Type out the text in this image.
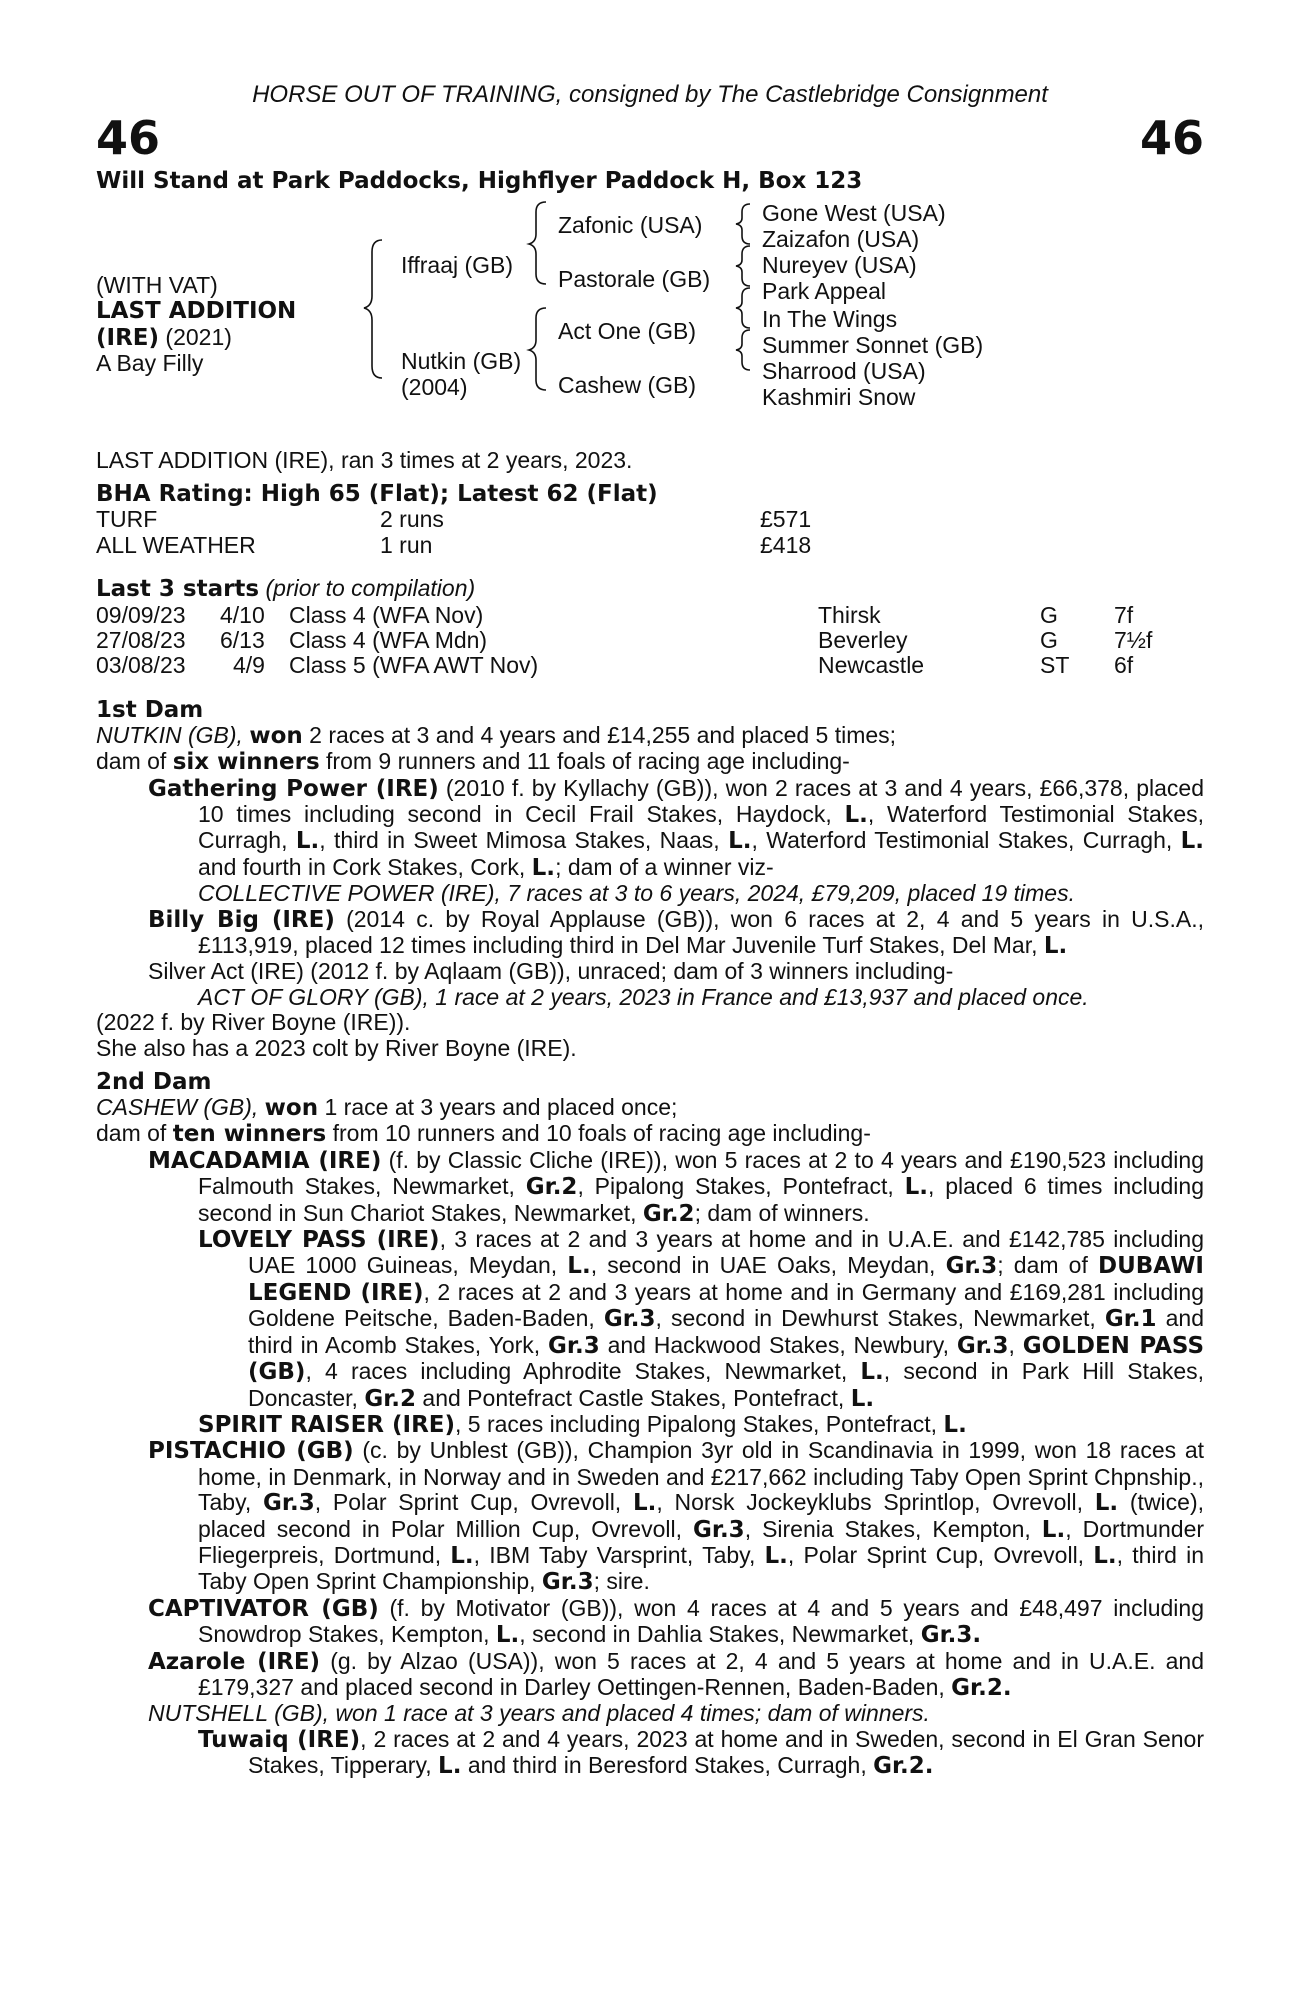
HORSE OUT OF TRAINING, consigned by The Castlebridge Consignment
46	46
Will Stand at Park Paddocks, Highflyer Paddock H, Box 123
(WITH VAT)
LAST ADDITION
(IRE) (2021)
A Bay Filly
Iffraaj (GB)
Nutkin (GB)
(2004)
Zafonic (USA)
Pastorale (GB)
Act One (GB)
Cashew (GB)
Gone West (USA)
Zaizafon (USA)
Nureyev (USA)
Park Appeal
In The Wings
Summer Sonnet (GB)
Sharrood (USA)
Kashmiri Snow
LAST ADDITION (IRE), ran 3 times at 2 years, 2023.
BHA Rating: High 65 (Flat); Latest 62 (Flat)
TURF	2 runs	£571
ALL WEATHER	1 run	£418
Last 3 starts (prior to compilation)
09/09/23 4/10 Class 4 (WFA Nov)	Thirsk	G 7f
27/08/23 6/13 Class 4 (WFA Mdn)	Beverley	G 7½f
03/08/23 4/9 Class 5 (WFA AWT Nov)	Newcastle	ST 6f
1st Dam

NUTKIN (GB), won 2 races at 3 and 4 years and £14,255 and placed 5 times;

dam of six winners from 9 runners and 11 foals of racing age including-

Gathering Power (IRE) (2010 f. by Kyllachy (GB)), won 2 races at 3 and 4 years, £66,378, placed 10 times including second in Cecil Frail Stakes, Haydock, L., Waterford Testimonial Stakes, Curragh, L., third in Sweet Mimosa Stakes, Naas, L., Waterford Testimonial Stakes, Curragh, L. and fourth in Cork Stakes, Cork, L.; dam of a winner viz-

COLLECTIVE POWER (IRE), 7 races at 3 to 6 years, 2024, £79,209, placed 19 times.

Billy Big (IRE) (2014 c. by Royal Applause (GB)), won 6 races at 2, 4 and 5 years in U.S.A., £113,919, placed 12 times including third in Del Mar Juvenile Turf Stakes, Del Mar, L.

Silver Act (IRE) (2012 f. by Aqlaam (GB)), unraced; dam of 3 winners including-

ACT OF GLORY (GB), 1 race at 2 years, 2023 in France and £13,937 and placed once.

(2022 f. by River Boyne (IRE)).

She also has a 2023 colt by River Boyne (IRE).

2nd Dam

CASHEW (GB), won 1 race at 3 years and placed once;

dam of ten winners from 10 runners and 10 foals of racing age including-

MACADAMIA (IRE) (f. by Classic Cliche (IRE)), won 5 races at 2 to 4 years and £190,523 including Falmouth Stakes, Newmarket, Gr.2, Pipalong Stakes, Pontefract, L., placed 6 times including second in Sun Chariot Stakes, Newmarket, Gr.2; dam of winners.

LOVELY PASS (IRE), 3 races at 2 and 3 years at home and in U.A.E. and £142,785 including UAE 1000 Guineas, Meydan, L., second in UAE Oaks, Meydan, Gr.3; dam of DUBAWI LEGEND (IRE), 2 races at 2 and 3 years at home and in Germany and £169,281 including Goldene Peitsche, Baden-Baden, Gr.3, second in Dewhurst Stakes, Newmarket, Gr.1 and third in Acomb Stakes, York, Gr.3 and Hackwood Stakes, Newbury, Gr.3, GOLDEN PASS (GB), 4 races including Aphrodite Stakes, Newmarket, L., second in Park Hill Stakes, Doncaster, Gr.2 and Pontefract Castle Stakes, Pontefract, L.

SPIRIT RAISER (IRE), 5 races including Pipalong Stakes, Pontefract, L.

PISTACHIO (GB) (c. by Unblest (GB)), Champion 3yr old in Scandinavia in 1999, won 18 races at home, in Denmark, in Norway and in Sweden and £217,662 including Taby Open Sprint Chpnship., Taby, Gr.3, Polar Sprint Cup, Ovrevoll, L., Norsk Jockeyklubs Sprintlop, Ovrevoll, L. (twice), placed second in Polar Million Cup, Ovrevoll, Gr.3, Sirenia Stakes, Kempton, L., Dortmunder Fliegerpreis, Dortmund, L., IBM Taby Varsprint, Taby, L., Polar Sprint Cup, Ovrevoll, L., third in Taby Open Sprint Championship, Gr.3; sire.

CAPTIVATOR (GB) (f. by Motivator (GB)), won 4 races at 4 and 5 years and £48,497 including Snowdrop Stakes, Kempton, L., second in Dahlia Stakes, Newmarket, Gr.3.

Azarole (IRE) (g. by Alzao (USA)), won 5 races at 2, 4 and 5 years at home and in U.A.E. and £179,327 and placed second in Darley Oettingen-Rennen, Baden-Baden, Gr.2.

NUTSHELL (GB), won 1 race at 3 years and placed 4 times; dam of winners.

Tuwaiq (IRE), 2 races at 2 and 4 years, 2023 at home and in Sweden, second in El Gran Senor Stakes, Tipperary, L. and third in Beresford Stakes, Curragh, Gr.2.
